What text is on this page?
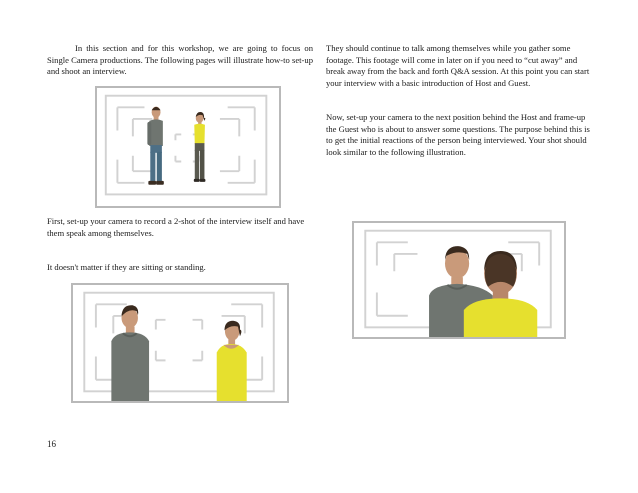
In this section and for this workshop, we are going to focus on Single Camera productions. The following pages will illustrate how-to set-up and shoot an interview.

First, set-up your camera to record a 2-shot of the interview itself and have them speak among themselves.

It doesn't matter if they are sitting or standing.

They should continue to talk among themselves while you gather some footage. This footage will come in later on if you need to “cut away” and break away from the back and forth Q&A session. At this point you can start your interview with a basic introduction of Host and Guest.

Now, set-up your camera to the next position behind the Host and frame-up the Guest who is about to answer some questions. The purpose behind this is to get the initial reactions of the person being interviewed. Your shot should look similar to the following illustration.

16
